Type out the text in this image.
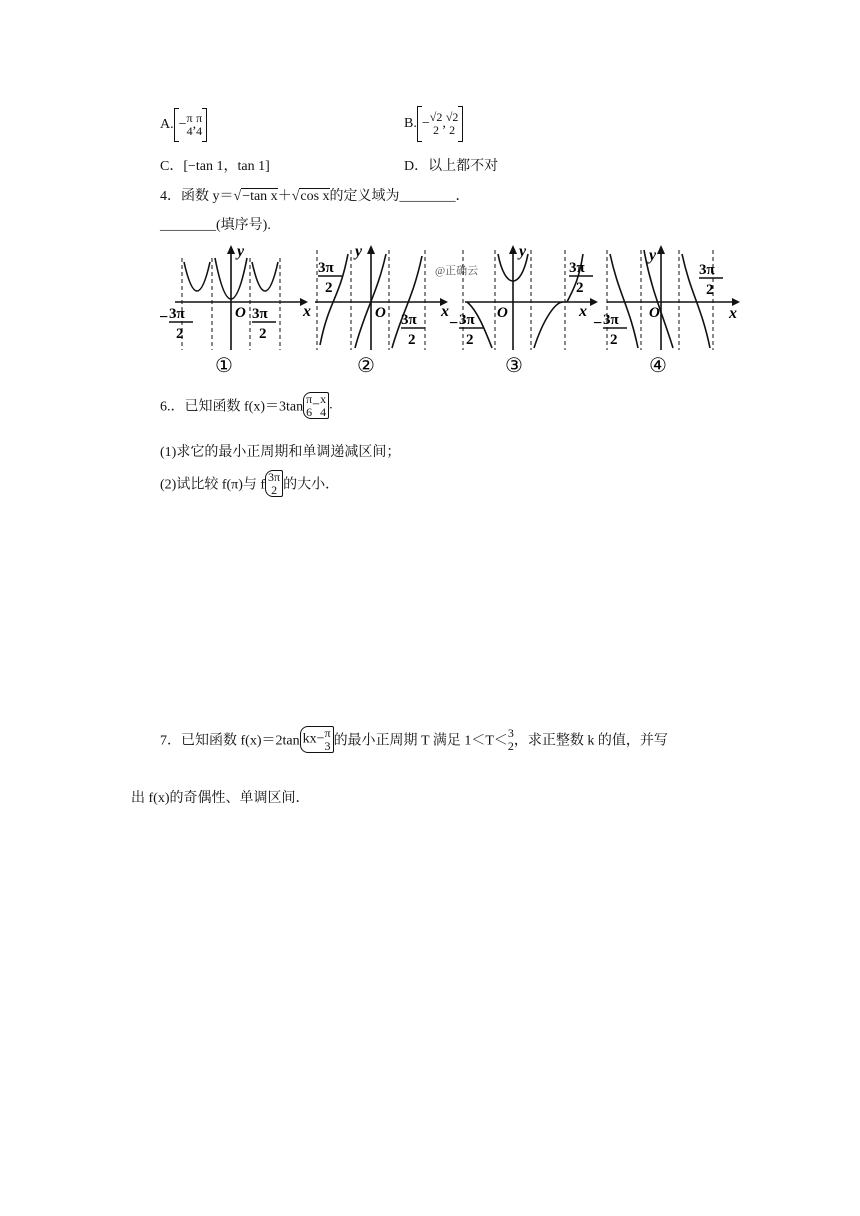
A. − π
4 , π
4	B. − √2
2 , √2
2
C．[−tan 1，tan 1]	D．以上都不对
4．函数 y＝√−tan x＋√cos x的定义域为________．
________(填序号).
y
x
O
− 3π
2
3π
2
①
y
x
O
3π
2
3π
2
②
y
x
O
− 3π
2
3π
2
③
y
x
O
− 3π
2
3π
2
④
@正确云
6.．已知函数 f(x)＝3tan
π
6 − x
4 .
(1)求它的最小正周期和单调递减区间；
(2)试比较 f(π)与 f
3π
2 的大小．
7．已知函数 f(x)＝2tan kx− π
3 的最小正周期 T 满足 1＜T＜
3
2 ，求正整数 k 的值，并写
出 f(x)的奇偶性、单调区间．
